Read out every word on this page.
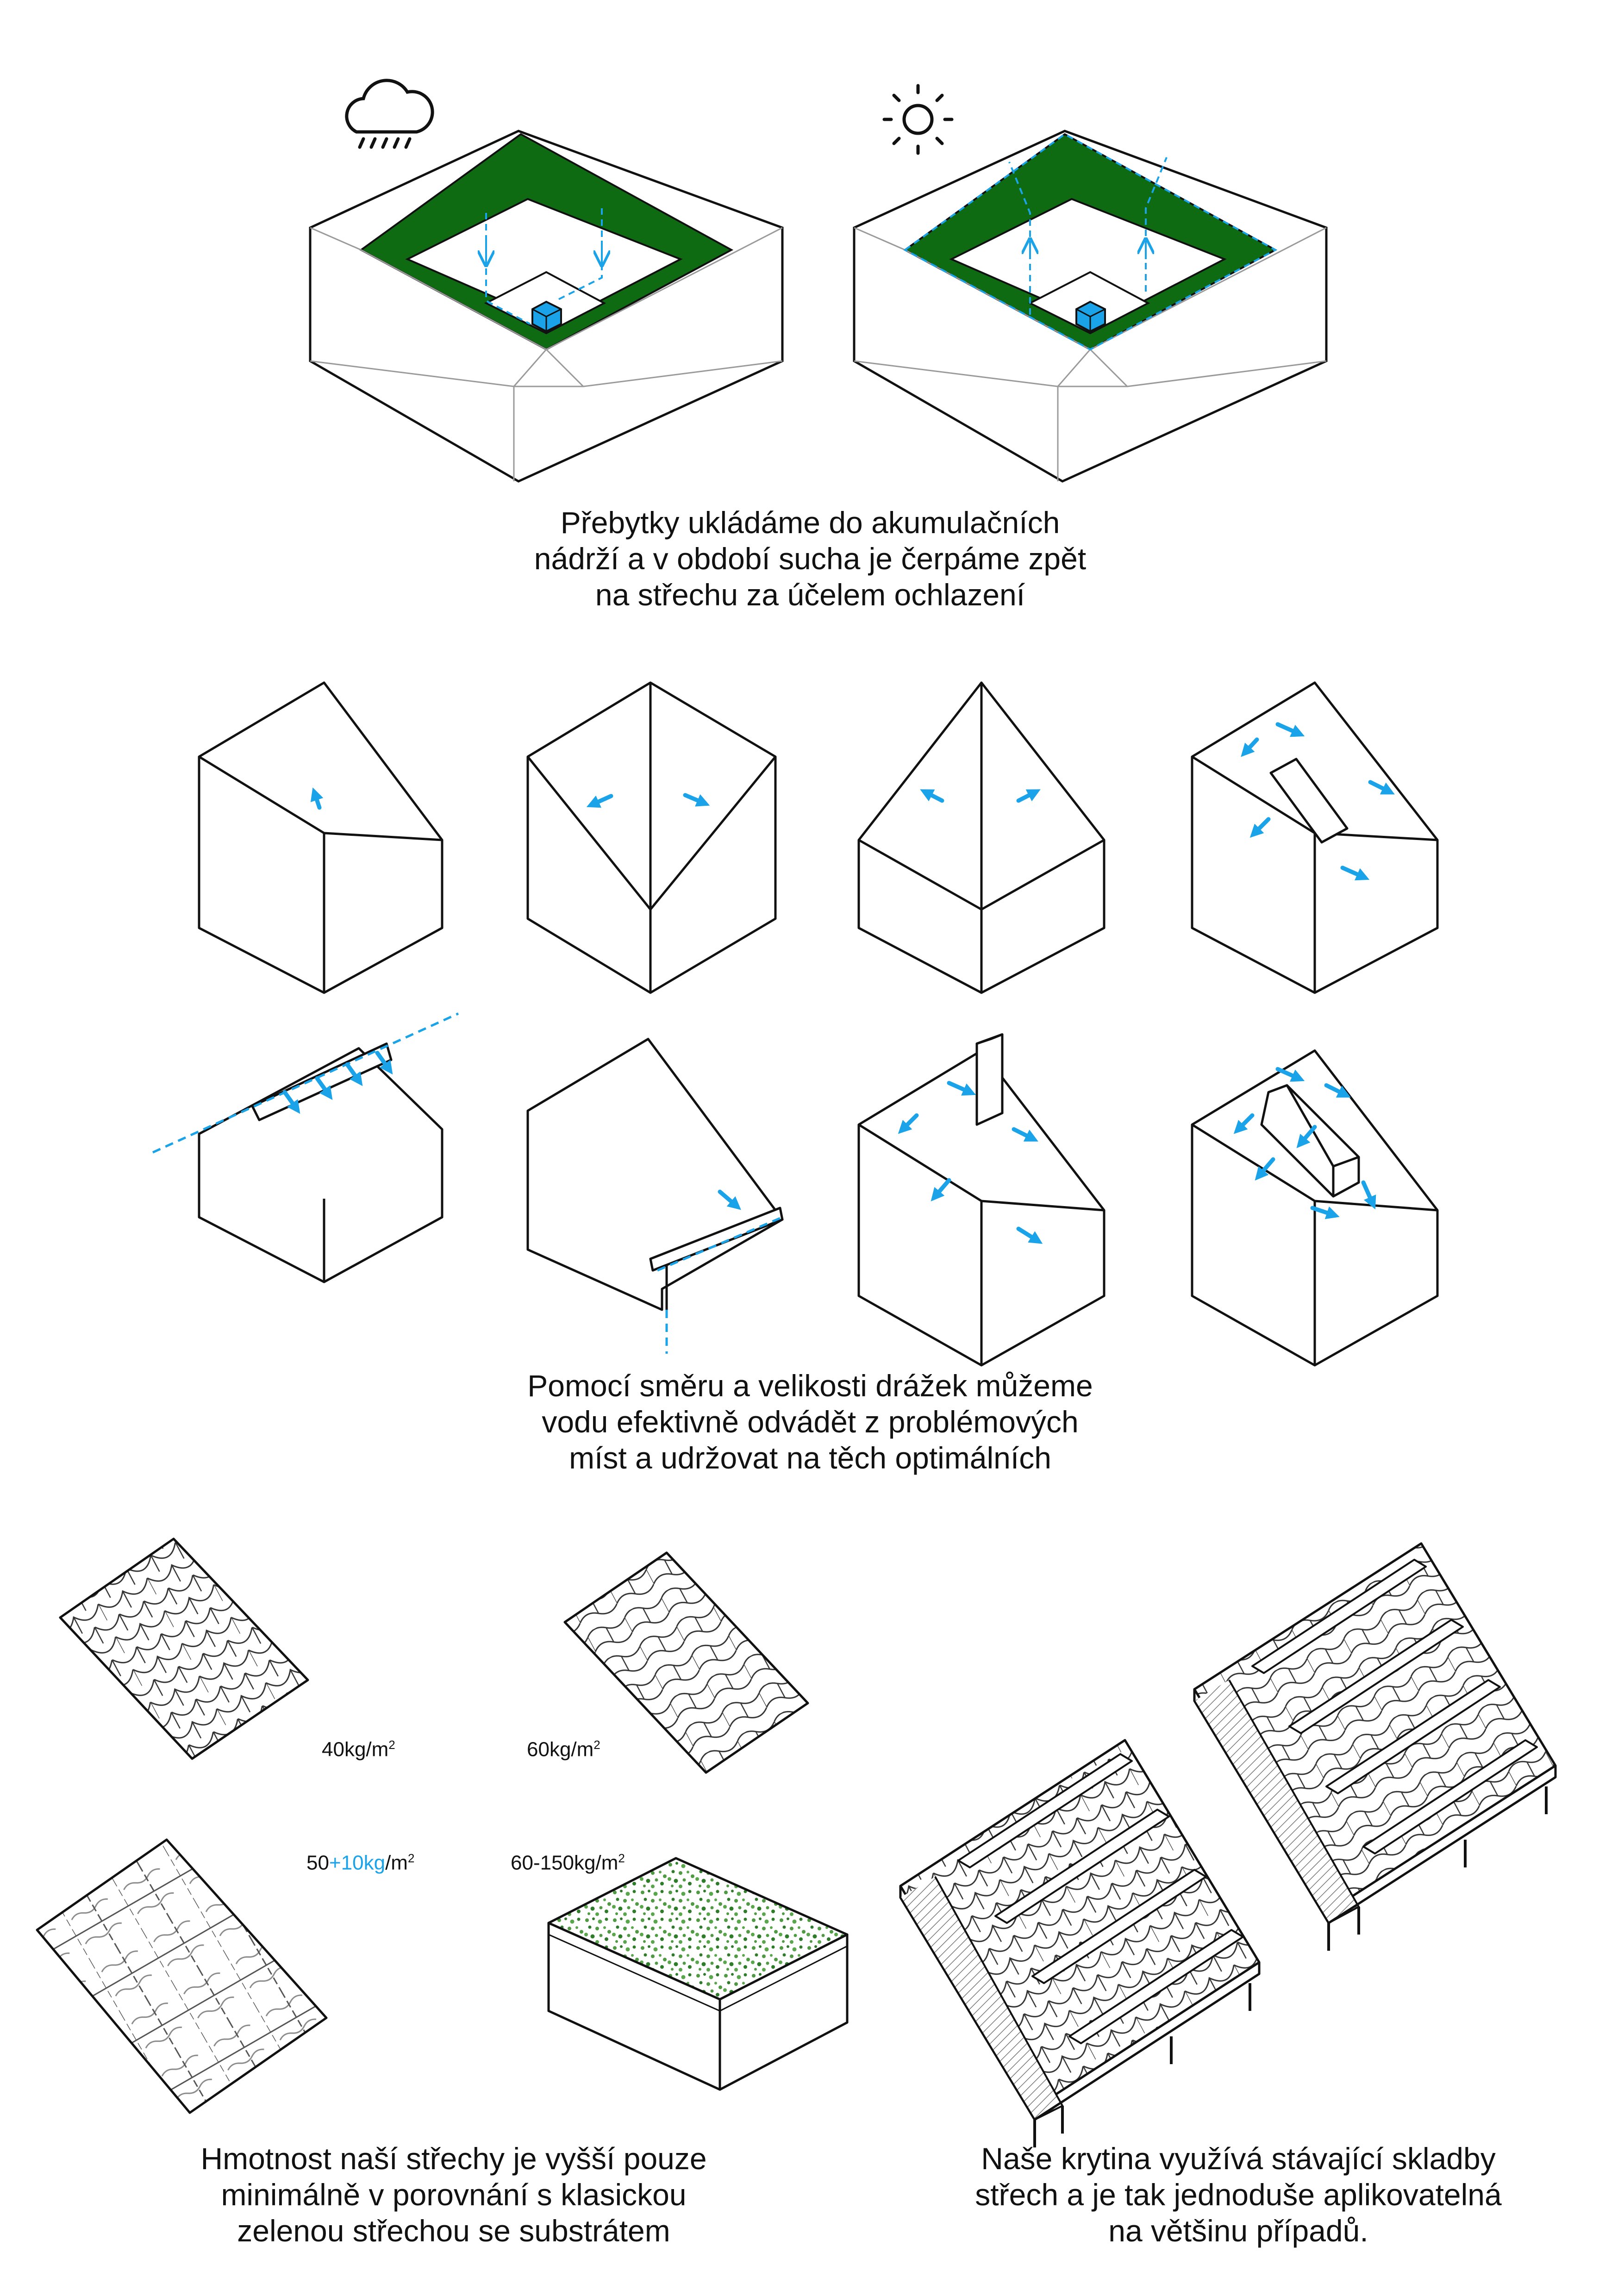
Přebytky ukládáme do akumulačních
nádrží a v období sucha je čerpáme zpět
na střechu za účelem ochlazení
Pomocí směru a velikosti drážek můžeme
vodu efektivně odvádět z problémových
míst a udržovat na těch optimálních
Hmotnost naší střechy je vyšší pouze
minimálně v porovnání s klasickou
zelenou střechou se substrátem
Naše krytina využívá stávající skladby
střech a je tak jednoduše aplikovatelná
na většinu případů.
$40kg/m^2$	$60kg/m^2$
$50+10kg/m^2$	$60-150kg/m^2$
